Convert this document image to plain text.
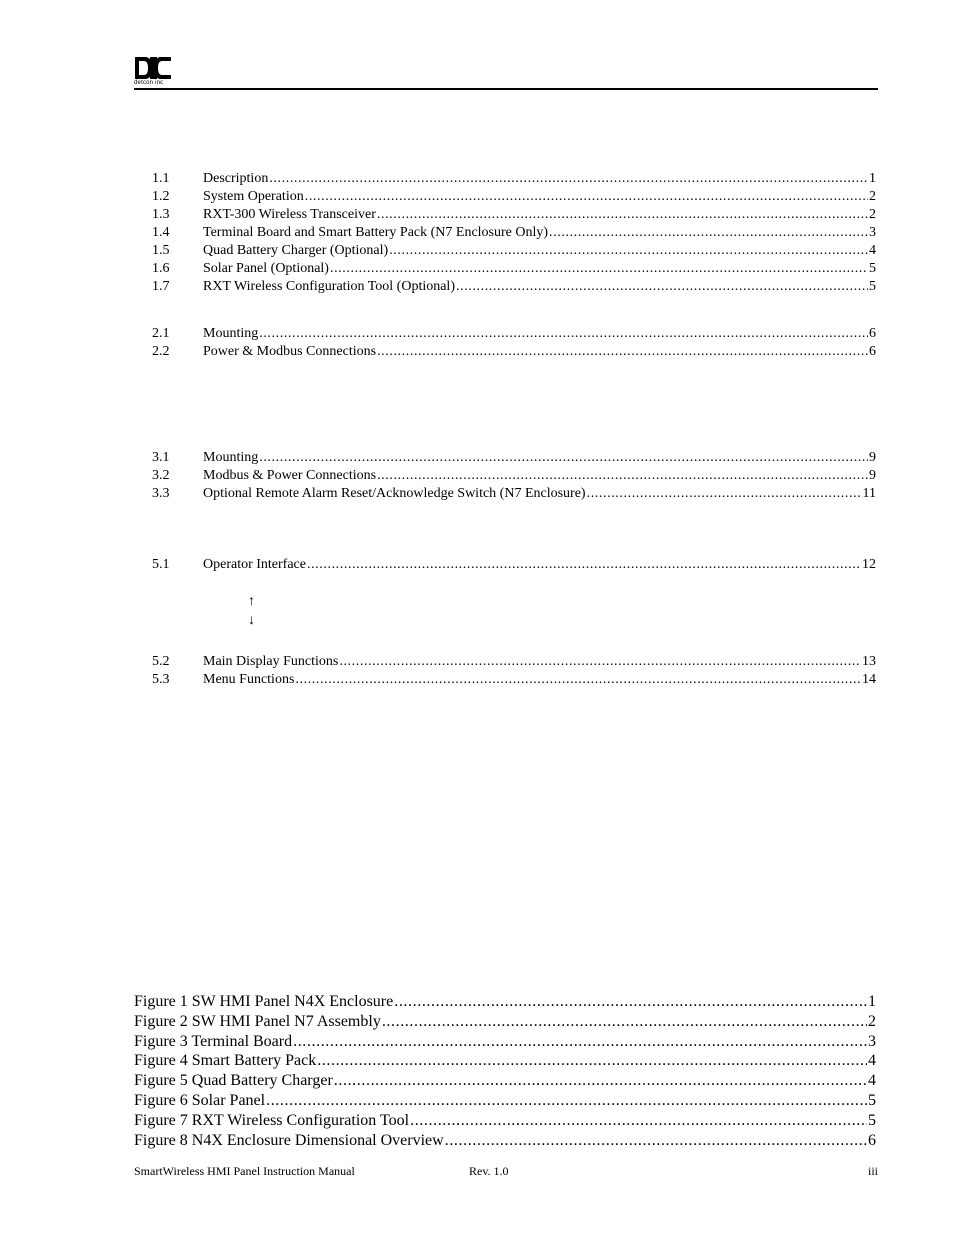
detcon inc
1.1	Description .....	1
1.2	System Operation .....	2
1.3	RXT-300 Wireless Transceiver .....	2
1.4	Terminal Board and Smart Battery Pack (N7 Enclosure Only) .....	3
1.5	Quad Battery Charger (Optional) .....	4
1.6	Solar Panel (Optional) .....	5
1.7	RXT Wireless Configuration Tool (Optional) .....	5
2.1	Mounting .....	6
2.2	Power & Modbus Connections .....	6
3.1	Mounting .....	9
3.2	Modbus & Power Connections .....	9
3.3	Optional Remote Alarm Reset/Acknowledge Switch (N7 Enclosure) .....	11
5.1	Operator Interface .....	12
5.2	Main Display Functions .....	13
5.3	Menu Functions .....	14
↑
↓
Figure 1 SW HMI Panel N4X Enclosure .....	1
Figure 2 SW HMI Panel N7 Assembly .....	2
Figure 3 Terminal Board .....	3
Figure 4 Smart Battery Pack .....	4
Figure 5 Quad Battery Charger .....	4
Figure 6 Solar Panel .....	5
Figure 7 RXT Wireless Configuration Tool .....	5
Figure 8 N4X Enclosure Dimensional Overview .....	6
SmartWireless HMI Panel Instruction Manual	Rev. 1.0	iii
